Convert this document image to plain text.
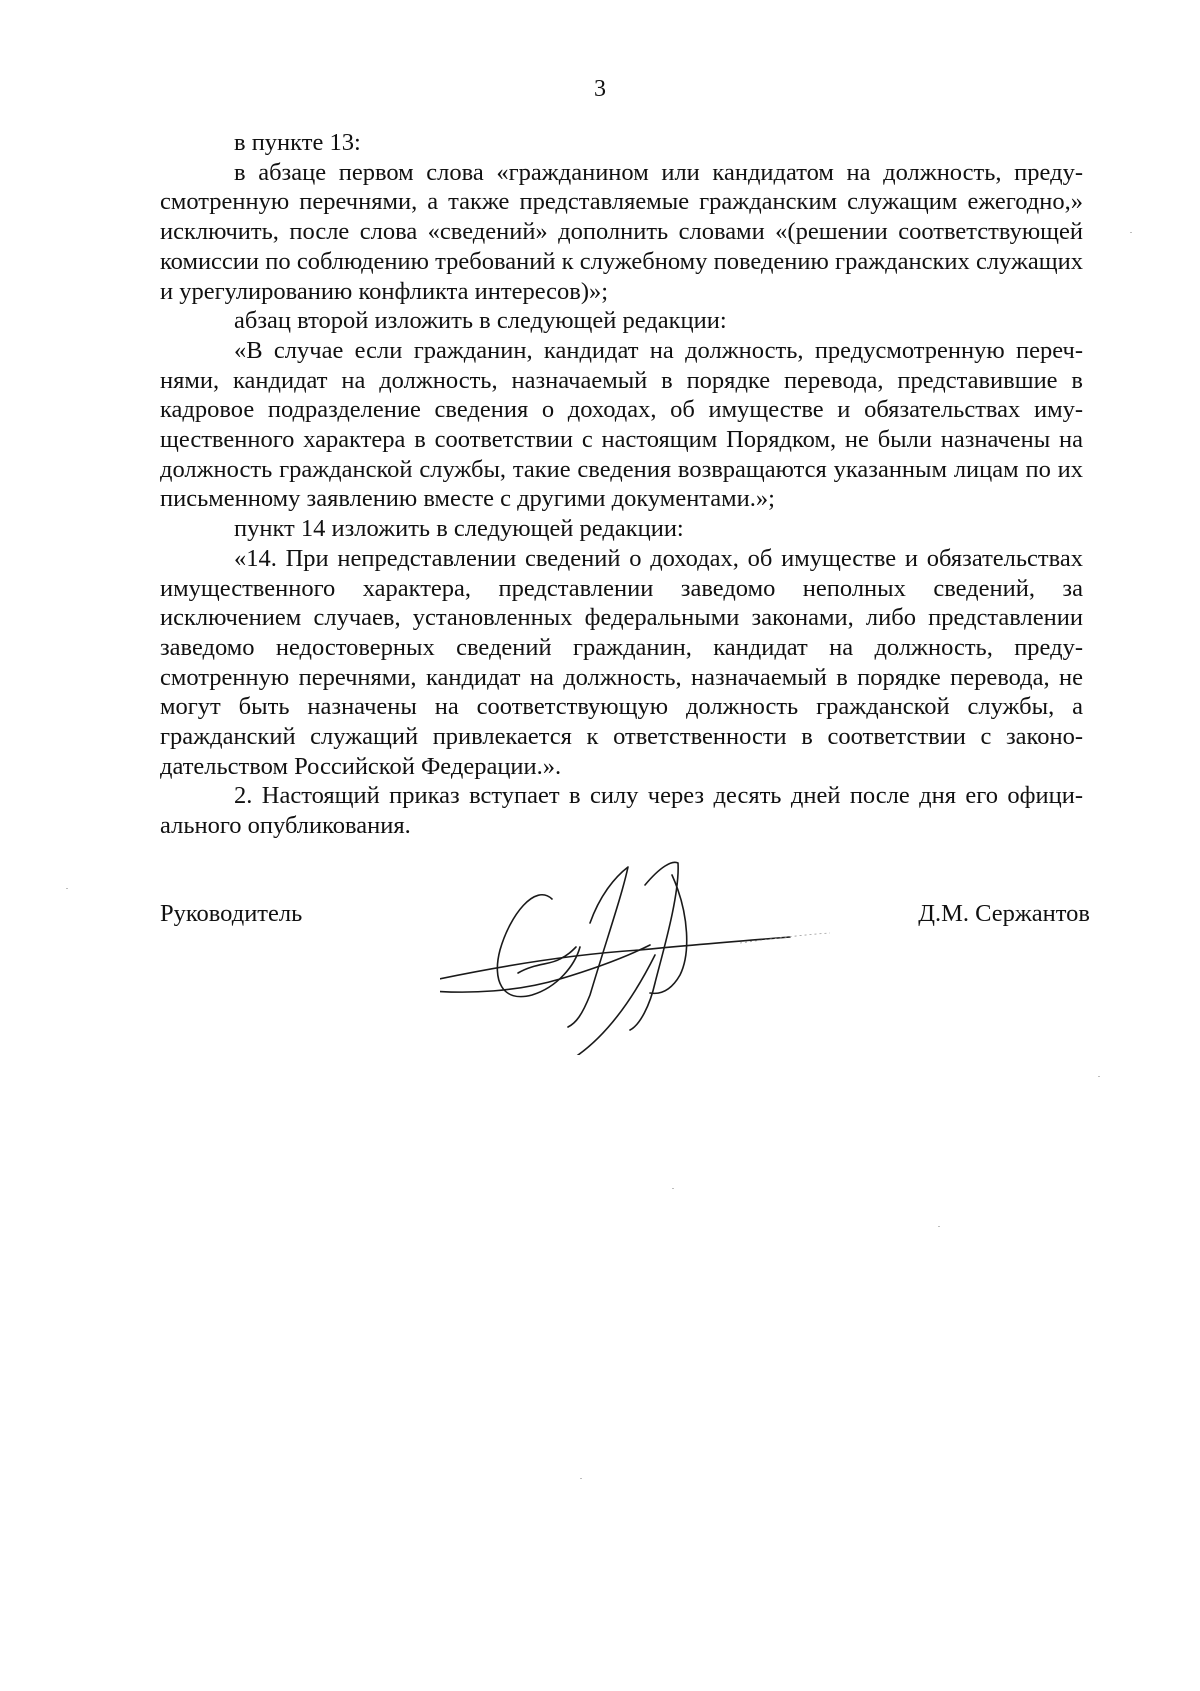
3

в пункте 13:

в абзаце первом слова «гражданином или кандидатом на должность, предусмотренную перечнями, а также представляемые гражданским служащим ежегодно,» исключить, после слова «сведений» дополнить словами «(решении соответствующей комиссии по соблюдению требований к служебному поведению гражданских служащих и урегулированию конфликта интересов)»;

абзац второй изложить в следующей редакции:

«В случае если гражданин, кандидат на должность, предусмотренную перечнями, кандидат на должность, назначаемый в порядке перевода, представившие в кадровое подразделение сведения о доходах, об имуществе и обязательствах имущественного характера в соответствии с настоящим Порядком, не были назначены на должность гражданской службы, такие сведения возвращаются указанным лицам по их письменному заявлению вместе с другими документами.»;

пункт 14 изложить в следующей редакции:

«14. При непредставлении сведений о доходах, об имуществе и обязательствах имущественного характера, представлении заведомо неполных сведений, за исключением случаев, установленных федеральными законами, либо представлении заведомо недостоверных сведений гражданин, кандидат на должность, предусмотренную перечнями, кандидат на должность, назначаемый в порядке перевода, не могут быть назначены на соответствующую должность гражданской службы, а гражданский служащий привлекается к ответственности в соответствии с законодательством Российской Федерации.».

2. Настоящий приказ вступает в силу через десять дней после дня его официального опубликования.

Руководитель	Д.М. Сержантов
